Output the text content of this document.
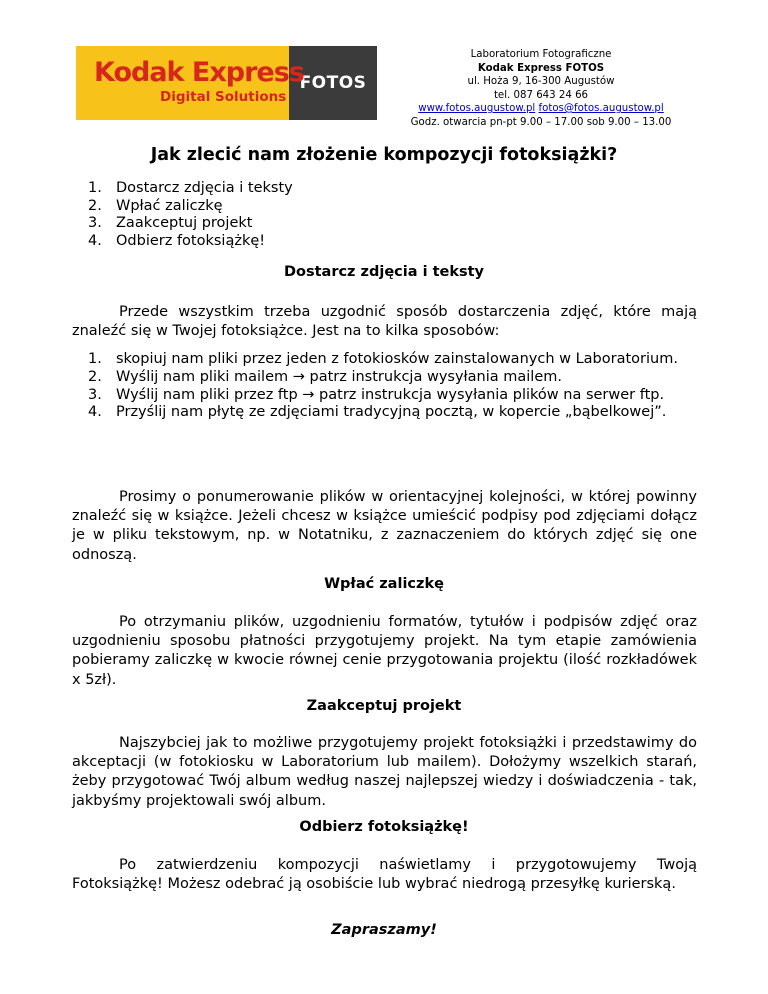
Kodak Express
Digital Solutions
FOTOS
Laboratorium Fotograficzne
Kodak Express FOTOS
ul. Hoża 9, 16-300 Augustów
tel. 087 643 24 66
www.fotos.augustow.pl fotos@fotos.augustow.pl
Godz. otwarcia pn-pt 9.00 – 17.00 sob 9.00 – 13.00
Jak zlecić nam złożenie kompozycji fotoksiążki?
1. Dostarcz zdjęcia i teksty
2. Wpłać zaliczkę
3. Zaakceptuj projekt
4. Odbierz fotoksiążkę!
Dostarcz zdjęcia i teksty

Przede wszystkim trzeba uzgodnić sposób dostarczenia zdjęć, które mają znaleźć się w Twojej fotoksiążce. Jest na to kilka sposobów:

1. skopiuj nam pliki przez jeden z fotokiosków zainstalowanych w Laboratorium.
2. Wyślij nam pliki mailem → patrz instrukcja wysyłania mailem.
3. Wyślij nam pliki przez ftp → patrz instrukcja wysyłania plików na serwer ftp.
4. Przyślij nam płytę ze zdjęciami tradycyjną pocztą, w kopercie „bąbelkowej”.

Prosimy o ponumerowanie plików w orientacyjnej kolejności, w której powinny znaleźć się w książce. Jeżeli chcesz w książce umieścić podpisy pod zdjęciami dołącz je w pliku tekstowym, np. w Notatniku, z zaznaczeniem do których zdjęć się one odnoszą.

Wpłać zaliczkę

Po otrzymaniu plików, uzgodnieniu formatów, tytułów i podpisów zdjęć oraz uzgodnieniu sposobu płatności przygotujemy projekt. Na tym etapie zamówienia pobieramy zaliczkę w kwocie równej cenie przygotowania projektu (ilość rozkładówek x 5zł).

Zaakceptuj projekt

Najszybciej jak to możliwe przygotujemy projekt fotoksiążki i przedstawimy do akceptacji (w fotokiosku w Laboratorium lub mailem). Dołożymy wszelkich starań, żeby przygotować Twój album według naszej najlepszej wiedzy i doświadczenia - tak, jakbyśmy projektowali swój album.

Odbierz fotoksiążkę!

Po zatwierdzeniu kompozycji naświetlamy i przygotowujemy Twoją Fotoksiążkę! Możesz odebrać ją osobiście lub wybrać niedrogą przesyłkę kurierską.

Zapraszamy!
